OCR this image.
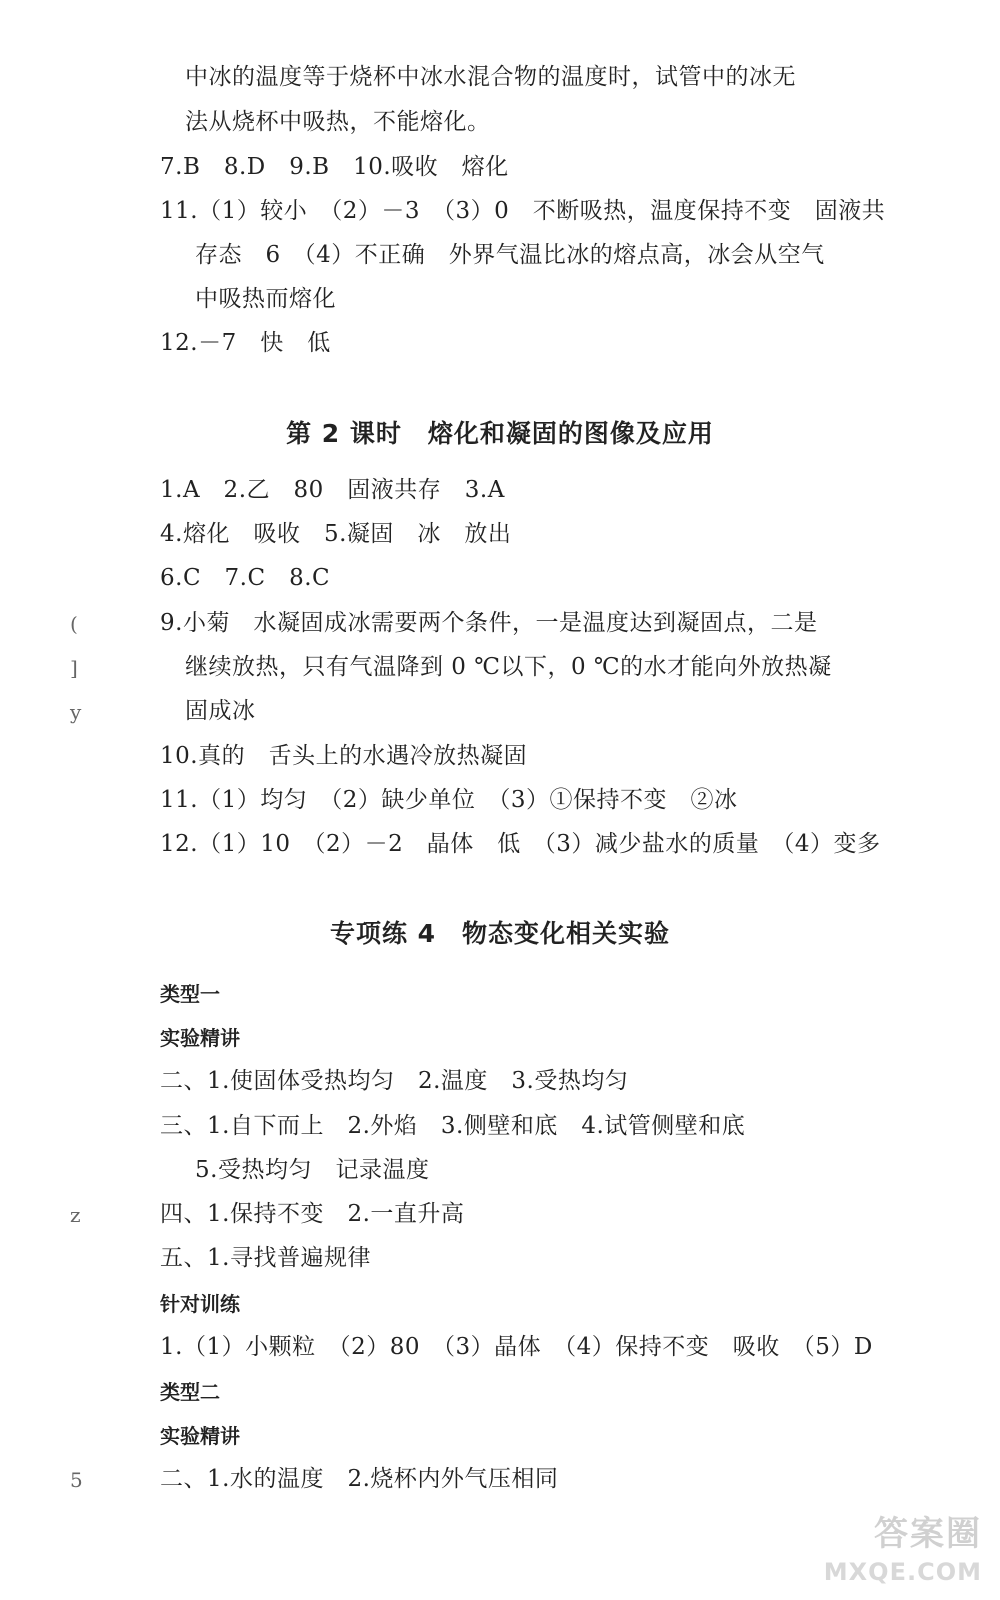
中冰的温度等于烧杯中冰水混合物的温度时，试管中的冰无
法从烧杯中吸热，不能熔化。
7.B　8.D　9.B　10.吸收　熔化
11.（1）较小　（2）－3　（3）0　不断吸热，温度保持不变　固液共
存态　6　（4）不正确　外界气温比冰的熔点高，冰会从空气
中吸热而熔化
12.－7　快　低
第 2 课时　熔化和凝固的图像及应用
1.A　2.乙　80　固液共存　3.A
4.熔化　吸收　5.凝固　冰　放出
6.C　7.C　8.C
9.小菊　水凝固成冰需要两个条件，一是温度达到凝固点，二是
继续放热，只有气温降到 0 ℃以下，0 ℃的水才能向外放热凝
固成冰
10.真的　舌头上的水遇冷放热凝固
11.（1）均匀　（2）缺少单位　（3）①保持不变　②冰
12.（1）10　（2）－2　晶体　低　（3）减少盐水的质量　（4）变多
专项练 4　物态变化相关实验
类型一
实验精讲
二、1.使固体受热均匀　2.温度　3.受热均匀
三、1.自下而上　2.外焰　3.侧壁和底　4.试管侧壁和底
5.受热均匀　记录温度
四、1.保持不变　2.一直升高
五、1.寻找普遍规律
针对训练
1.（1）小颗粒　（2）80　（3）晶体　（4）保持不变　吸收　（5）D
类型二
实验精讲
二、1.水的温度　2.烧杯内外气压相同
(
]
y
z
5
答案圈
MXQE.COM
